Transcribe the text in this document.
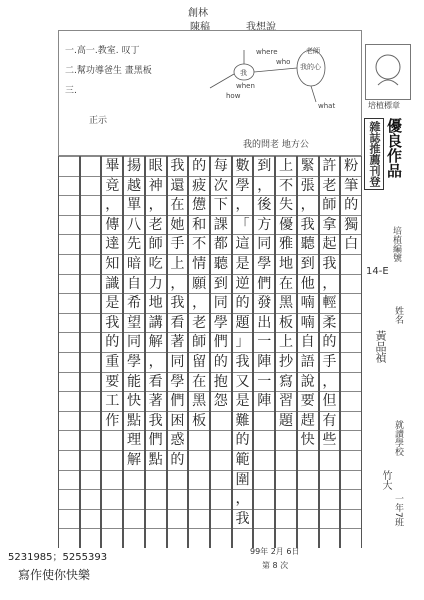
創林
陳稿	我想說
一.高一.教室. 叹丁
二.幫功導爸生 畫黑板
三.
正示
我的問老 地方公
where
when
who
how
what
老師
我
我的心
培植標章
優良作品
雜誌推薦刊登
培植編號
14-E
姓名
黃品禎
就讀學校
竹大
一年7班
粉
筆
的
獨
白
許
老
師
拿
起
我
，
輕
柔
的
手
，
但
有
些
緊
張
，
我
聽
到
他
喃
喃
自
語
說
要
趕
快
上
不
失
優
雅
地
在
黑
板
上
抄
寫
習
題
到
，
後
方
同
學
們
發
出
一
陣
一
陣
數
學
，
「
這
是
逆
的
題
」
我
又
是
難
的
範
圍
，
我
每
次
下
課
都
聽
到
同
學
們
的
抱
怨
的
疲
憊
和
不
情
願
，
老
師
留
在
黑
板
我
還
在
她
手
上
，
我
看
著
同
學
們
困
惑
的
眼
神
，
老
師
吃
力
地
講
解
，
看
著
我
們
點
揚
越
單
八
先
暗
自
希
望
同
學
能
快
點
理
解
畢
竟
，
傳
達
知
識
是
我
的
重
要
工
作
5231985；5255393
寫作使你快樂
99年 2月 6日
第 8 次
